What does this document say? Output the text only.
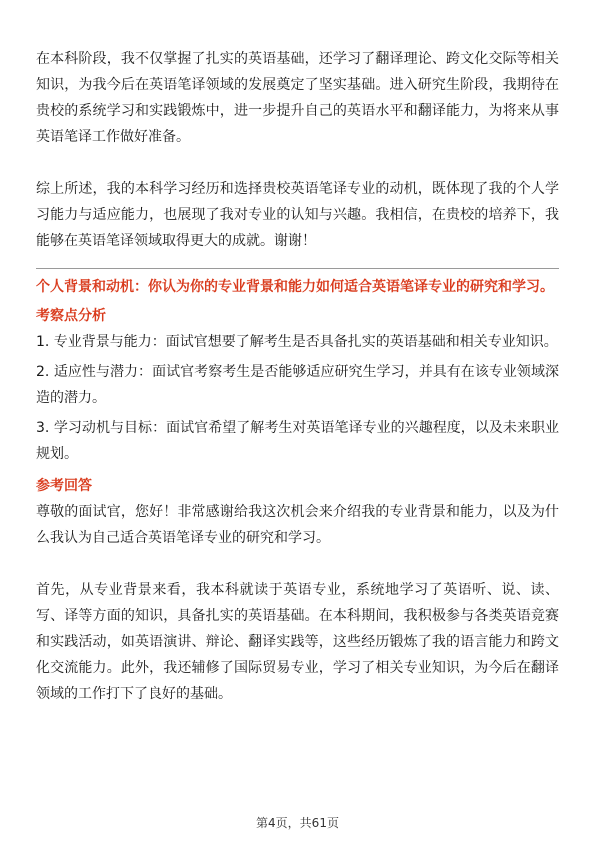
在本科阶段，我不仅掌握了扎实的英语基础，还学习了翻译理论、跨文化交际等相关知识，为我今后在英语笔译领域的发展奠定了坚实基础。进入研究生阶段，我期待在贵校的系统学习和实践锻炼中，进一步提升自己的英语水平和翻译能力，为将来从事英语笔译工作做好准备。

综上所述，我的本科学习经历和选择贵校英语笔译专业的动机，既体现了我的个人学习能力与适应能力，也展现了我对专业的认知与兴趣。我相信，在贵校的培养下，我能够在英语笔译领域取得更大的成就。谢谢！

个人背景和动机：你认为你的专业背景和能力如何适合英语笔译专业的研究和学习。

考察点分析

1. 专业背景与能力：面试官想要了解考生是否具备扎实的英语基础和相关专业知识。

2. 适应性与潜力：面试官考察考生是否能够适应研究生学习，并具有在该专业领域深造的潜力。

3. 学习动机与目标：面试官希望了解考生对英语笔译专业的兴趣程度，以及未来职业规划。

参考回答

尊敬的面试官，您好！非常感谢给我这次机会来介绍我的专业背景和能力，以及为什么我认为自己适合英语笔译专业的研究和学习。

首先，从专业背景来看，我本科就读于英语专业，系统地学习了英语听、说、读、写、译等方面的知识，具备扎实的英语基础。在本科期间，我积极参与各类英语竞赛和实践活动，如英语演讲、辩论、翻译实践等，这些经历锻炼了我的语言能力和跨文化交流能力。此外，我还辅修了国际贸易专业，学习了相关专业知识，为今后在翻译领域的工作打下了良好的基础。

第4页，共61页
